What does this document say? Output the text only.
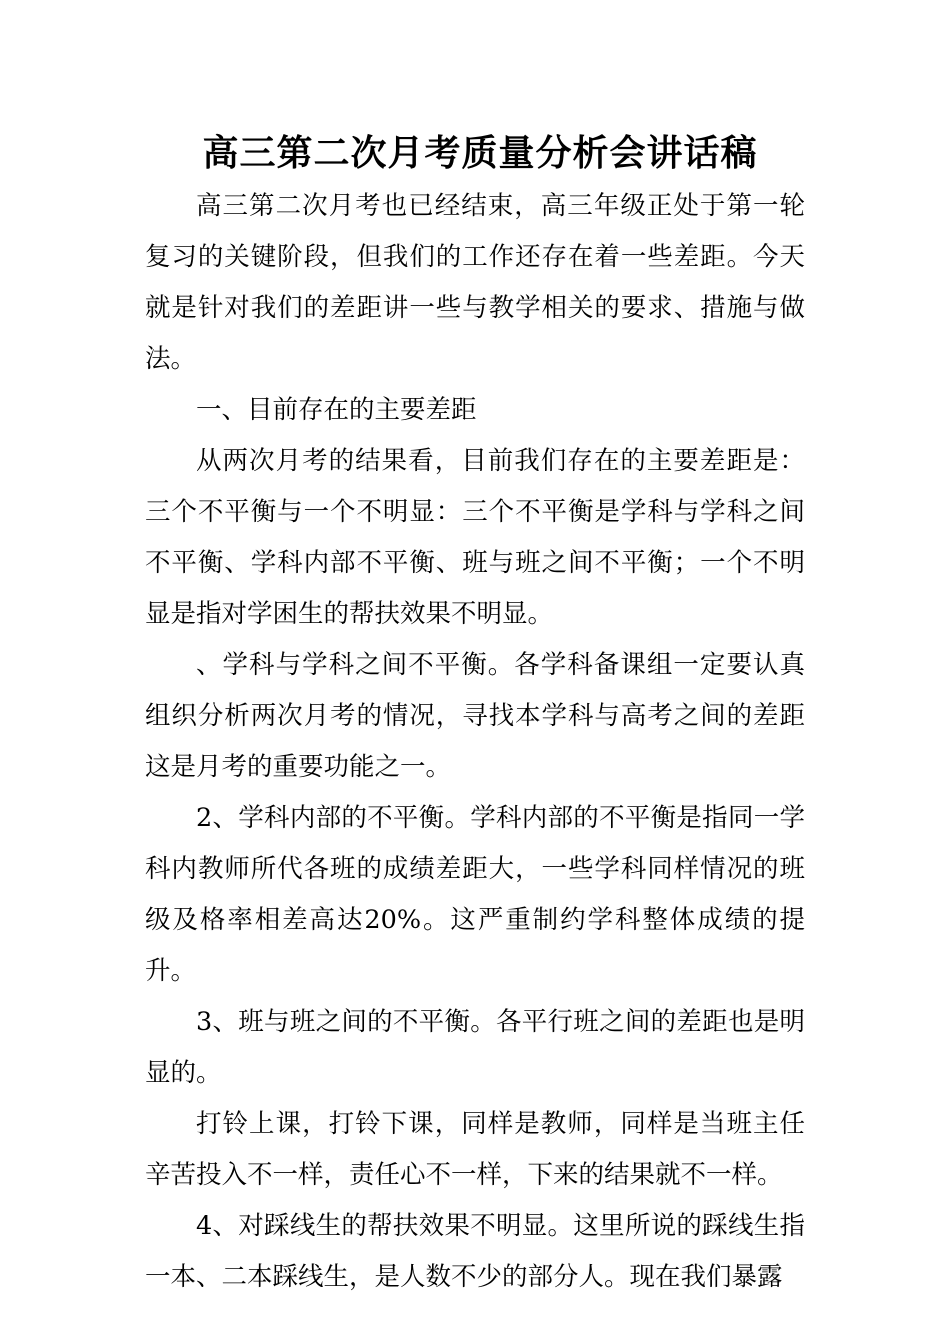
高三第二次月考质量分析会讲话稿

高三第二次月考也已经结束，高三年级正处于第一轮复习的关键阶段，但我们的工作还存在着一些差距。今天就是针对我们的差距讲一些与教学相关的要求、措施与做法。

一、目前存在的主要差距

从两次月考的结果看，目前我们存在的主要差距是：三个不平衡与一个不明显：三个不平衡是学科与学科之间不平衡、学科内部不平衡、班与班之间不平衡；一个不明显是指对学困生的帮扶效果不明显。

、学科与学科之间不平衡。各学科备课组一定要认真组织分析两次月考的情况，寻找本学科与高考之间的差距这是月考的重要功能之一。

2、学科内部的不平衡。学科内部的不平衡是指同一学科内教师所代各班的成绩差距大，一些学科同样情况的班级及格率相差高达20%。这严重制约学科整体成绩的提升。

3、班与班之间的不平衡。各平行班之间的差距也是明显的。

打铃上课，打铃下课，同样是教师，同样是当班主任辛苦投入不一样，责任心不一样，下来的结果就不一样。

4、对踩线生的帮扶效果不明显。这里所说的踩线生指一本、二本踩线生，是人数不少的部分人。现在我们暴露
